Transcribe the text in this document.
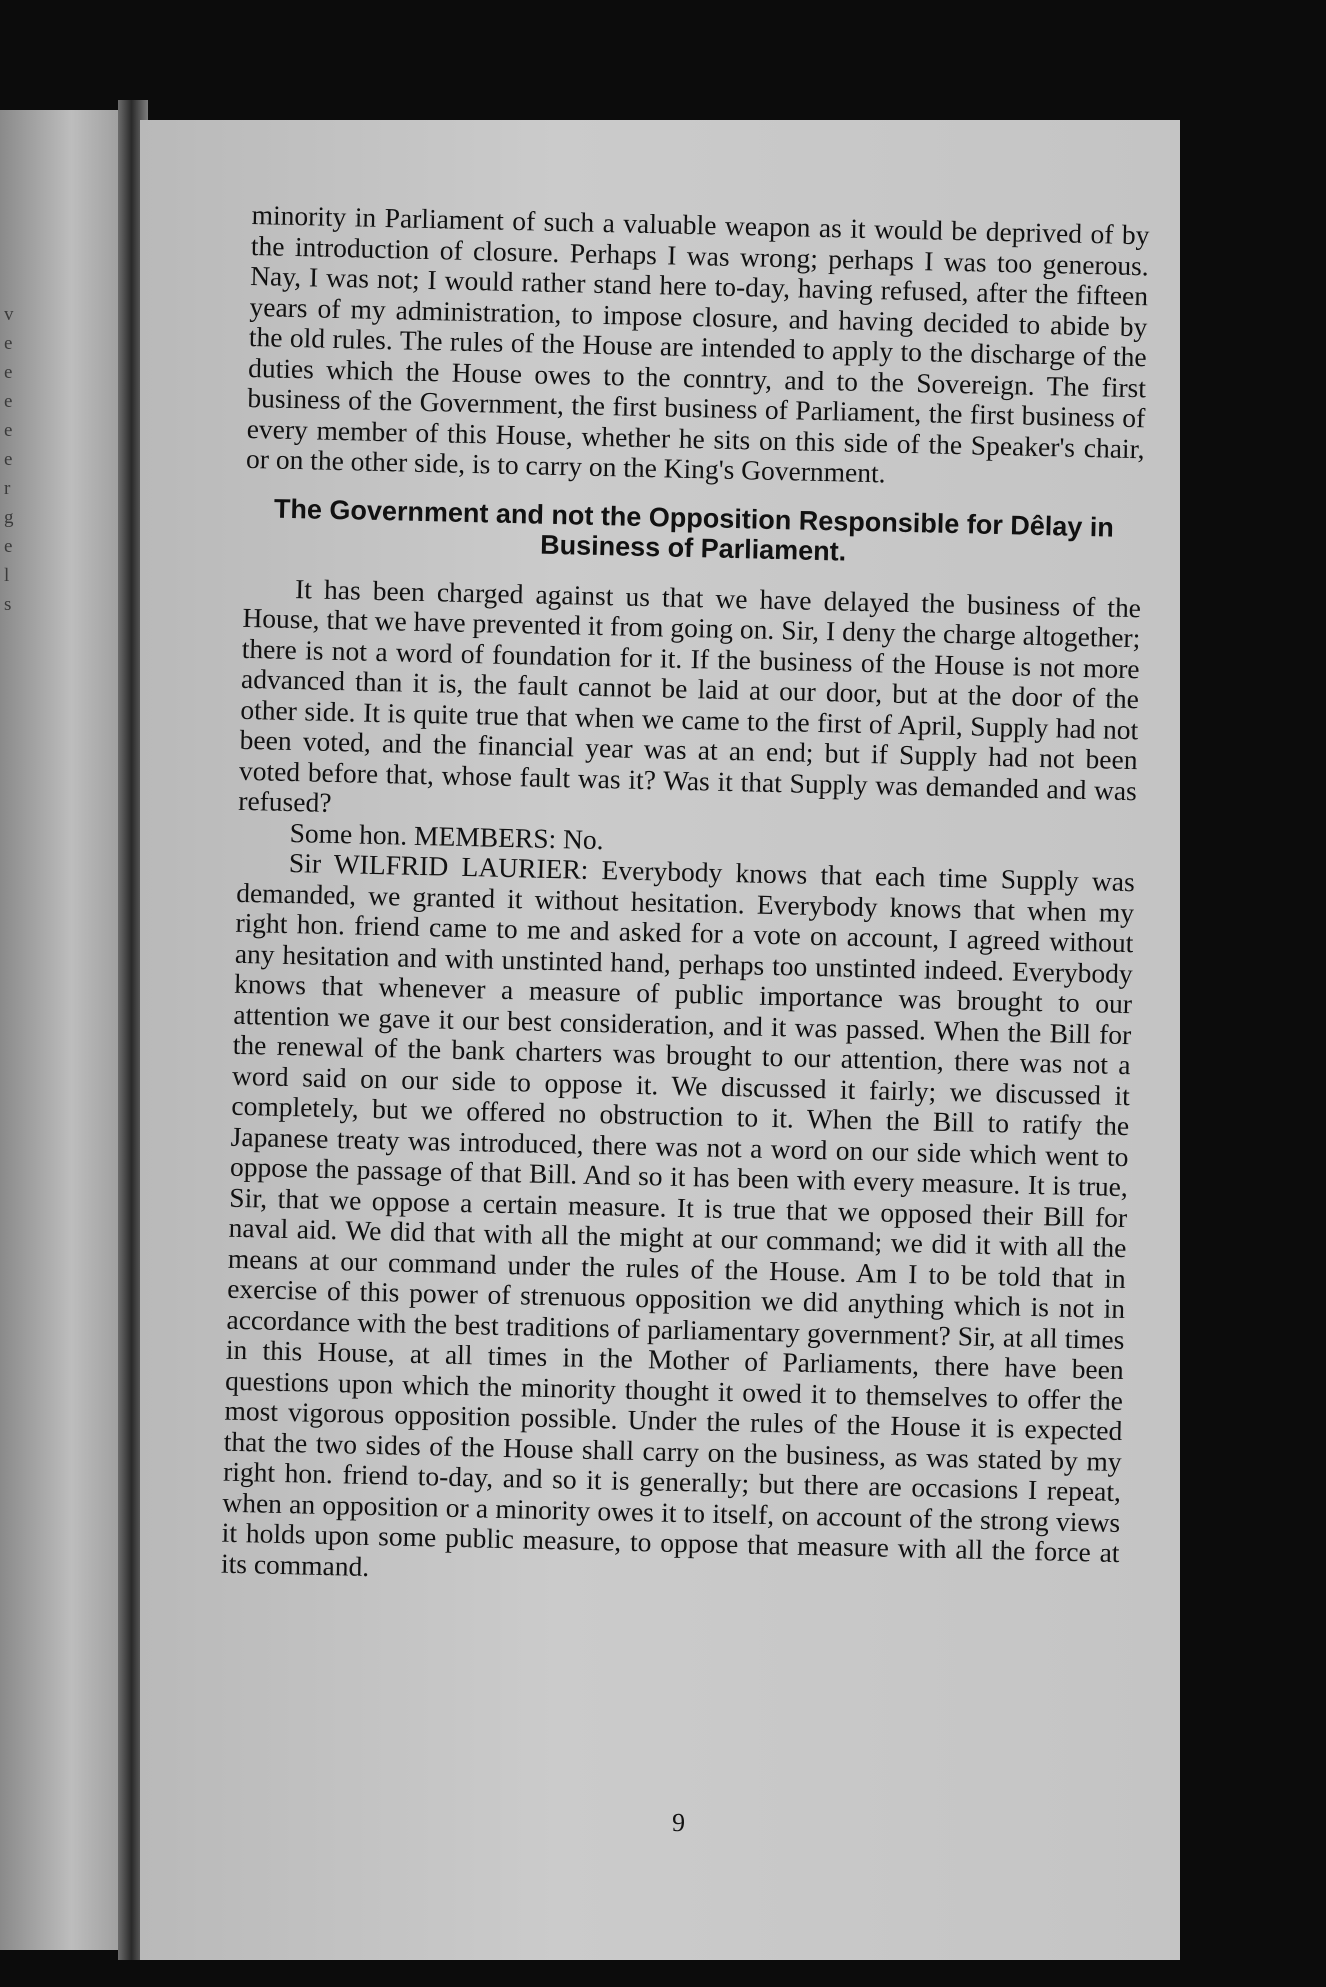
v
e
e
e
e
e
r
g
e
l
s

minority in Parliament of such a valuable weapon as it would be deprived of by the introduction of closure. Perhaps I was wrong; perhaps I was too generous. Nay, I was not; I would rather stand here to-day, having refused, after the fifteen years of my administration, to impose closure, and having decided to abide by the old rules. The rules of the House are intended to apply to the discharge of the duties which the House owes to the conntry, and to the Sovereign. The first business of the Government, the first business of Parliament, the first business of every member of this House, whether he sits on this side of the Speaker's chair, or on the other side, is to carry on the King's Government.

The Government and not the Opposition Responsible for Dêlay in Business of Parliament.

It has been charged against us that we have delayed the business of the House, that we have prevented it from going on. Sir, I deny the charge altogether; there is not a word of foundation for it. If the business of the House is not more advanced than it is, the fault cannot be laid at our door, but at the door of the other side. It is quite true that when we came to the first of April, Supply had not been voted, and the financial year was at an end; but if Supply had not been voted before that, whose fault was it? Was it that Supply was demanded and was refused?

Some hon. MEMBERS: No.

Sir WILFRID LAURIER: Everybody knows that each time Supply was demanded, we granted it without hesitation. Everybody knows that when my right hon. friend came to me and asked for a vote on account, I agreed without any hesitation and with unstinted hand, perhaps too unstinted indeed. Everybody knows that whenever a measure of public importance was brought to our attention we gave it our best consideration, and it was passed. When the Bill for the renewal of the bank charters was brought to our attention, there was not a word said on our side to oppose it. We discussed it fairly; we discussed it completely, but we offered no obstruction to it. When the Bill to ratify the Japanese treaty was introduced, there was not a word on our side which went to oppose the passage of that Bill. And so it has been with every measure. It is true, Sir, that we oppose a certain measure. It is true that we opposed their Bill for naval aid. We did that with all the might at our command; we did it with all the means at our command under the rules of the House. Am I to be told that in exercise of this power of strenuous opposition we did anything which is not in accordance with the best traditions of parliamentary government? Sir, at all times in this House, at all times in the Mother of Parliaments, there have been questions upon which the minority thought it owed it to themselves to offer the most vigorous opposition possible. Under the rules of the House it is expected that the two sides of the House shall carry on the business, as was stated by my right hon. friend to-day, and so it is generally; but there are occasions I repeat, when an opposition or a minority owes it to itself, on account of the strong views it holds upon some public measure, to oppose that measure with all the force at its command.

9
